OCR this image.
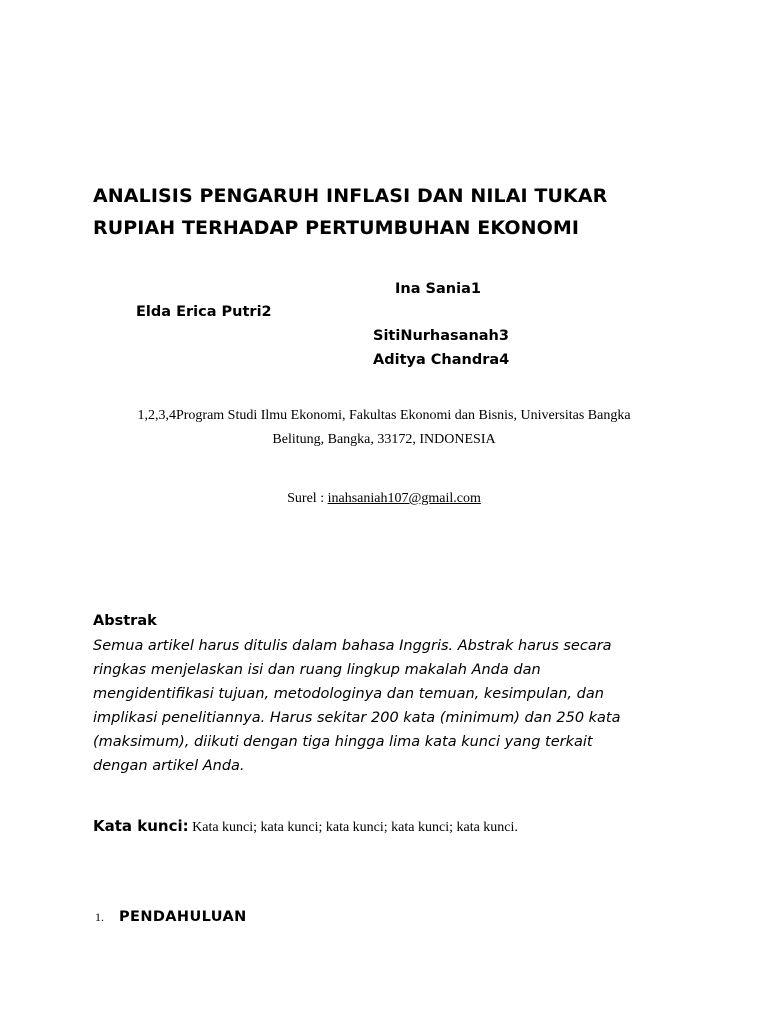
ANALISIS PENGARUH INFLASI DAN NILAI TUKAR
RUPIAH TERHADAP PERTUMBUHAN EKONOMI
Ina Sania1
Elda Erica Putri2
SitiNurhasanah3
Aditya Chandra4
1,2,3,4Program Studi Ilmu Ekonomi, Fakultas Ekonomi dan Bisnis, Universitas Bangka
Belitung, Bangka, 33172, INDONESIA
Surel : inahsaniah107@gmail.com
Abstrak

Semua artikel harus ditulis dalam bahasa Inggris. Abstrak harus secara
ringkas menjelaskan isi dan ruang lingkup makalah Anda dan
mengidentifikasi tujuan, metodologinya dan temuan, kesimpulan, dan
implikasi penelitiannya. Harus sekitar 200 kata (minimum) dan 250 kata
(maksimum), diikuti dengan tiga hingga lima kata kunci yang terkait
dengan artikel Anda.

Kata kunci: Kata kunci; kata kunci; kata kunci; kata kunci; kata kunci.
1. PENDAHULUAN
